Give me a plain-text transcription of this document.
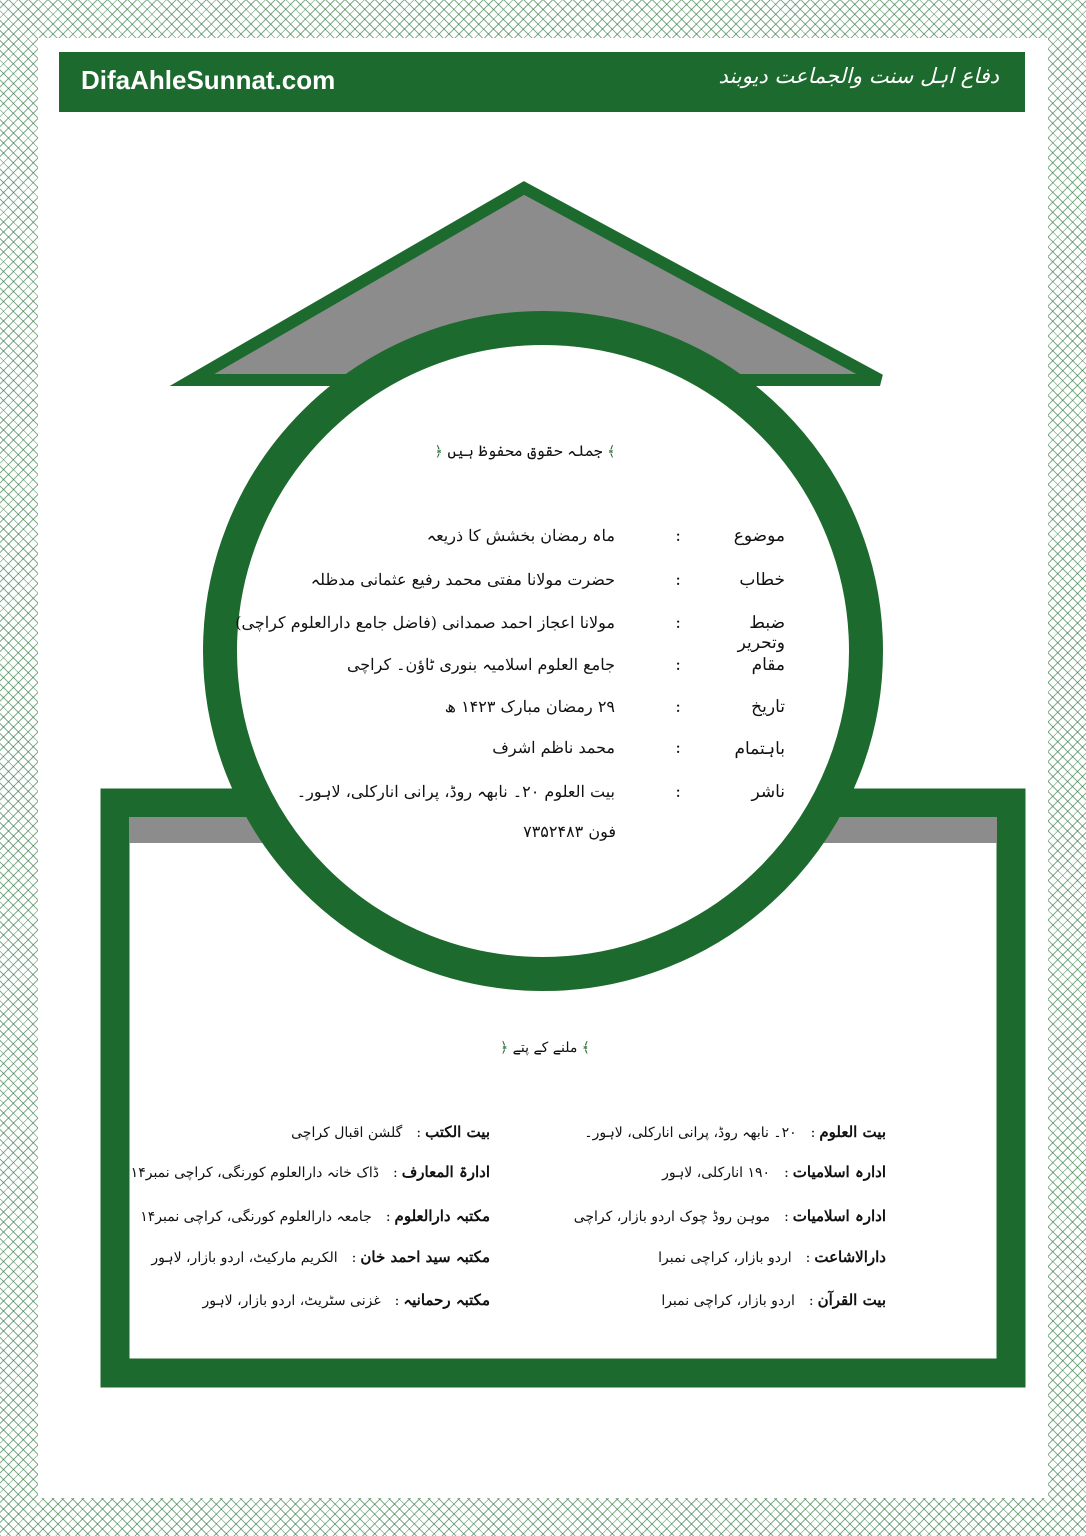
DifaAhleSunnat.com	دفاع اہل سنت والجماعت دیوبند
﴾ جملہ حقوق محفوظ ہیں ﴿
موضوع
:
ماہ رمضان بخشش کا ذریعہ
خطاب
:
حضرت مولانا مفتی محمد رفیع عثمانی مدظلہ
ضبط وتحریر
:
مولانا اعجاز احمد صمدانی (فاضل جامع دارالعلوم کراچی)
مقام
:
جامع العلوم اسلامیہ بنوری ٹاؤن۔ کراچی
تاریخ
:
۲۹ رمضان مبارک ۱۴۲۳ ھ
باہتمام
:
محمد ناظم اشرف
ناشر
:
بیت العلوم ۲۰۔ نابھہ روڈ، پرانی انارکلی، لاہور۔
فون ۷۳۵۲۴۸۳
﴾ ملنے کے پتے ﴿
بیت العلوم:۲۰۔ نابھہ روڈ، پرانی انارکلی، لاہور۔
ادارہ اسلامیات:۱۹۰ انارکلی، لاہور
ادارہ اسلامیات:موہن روڈ چوک اردو بازار، کراچی
دارالاشاعت:اردو بازار، کراچی نمبرا
بیت القرآن:اردو بازار، کراچی نمبرا
بیت الکتب:گلشن اقبال کراچی
ادارۃ المعارف:ڈاک خانہ دارالعلوم کورنگی، کراچی نمبر۱۴
مکتبہ دارالعلوم:جامعہ دارالعلوم کورنگی، کراچی نمبر۱۴
مکتبہ سید احمد خان:الکریم مارکیٹ، اردو بازار، لاہور
مکتبہ رحمانیہ:غزنی سٹریٹ، اردو بازار، لاہور
